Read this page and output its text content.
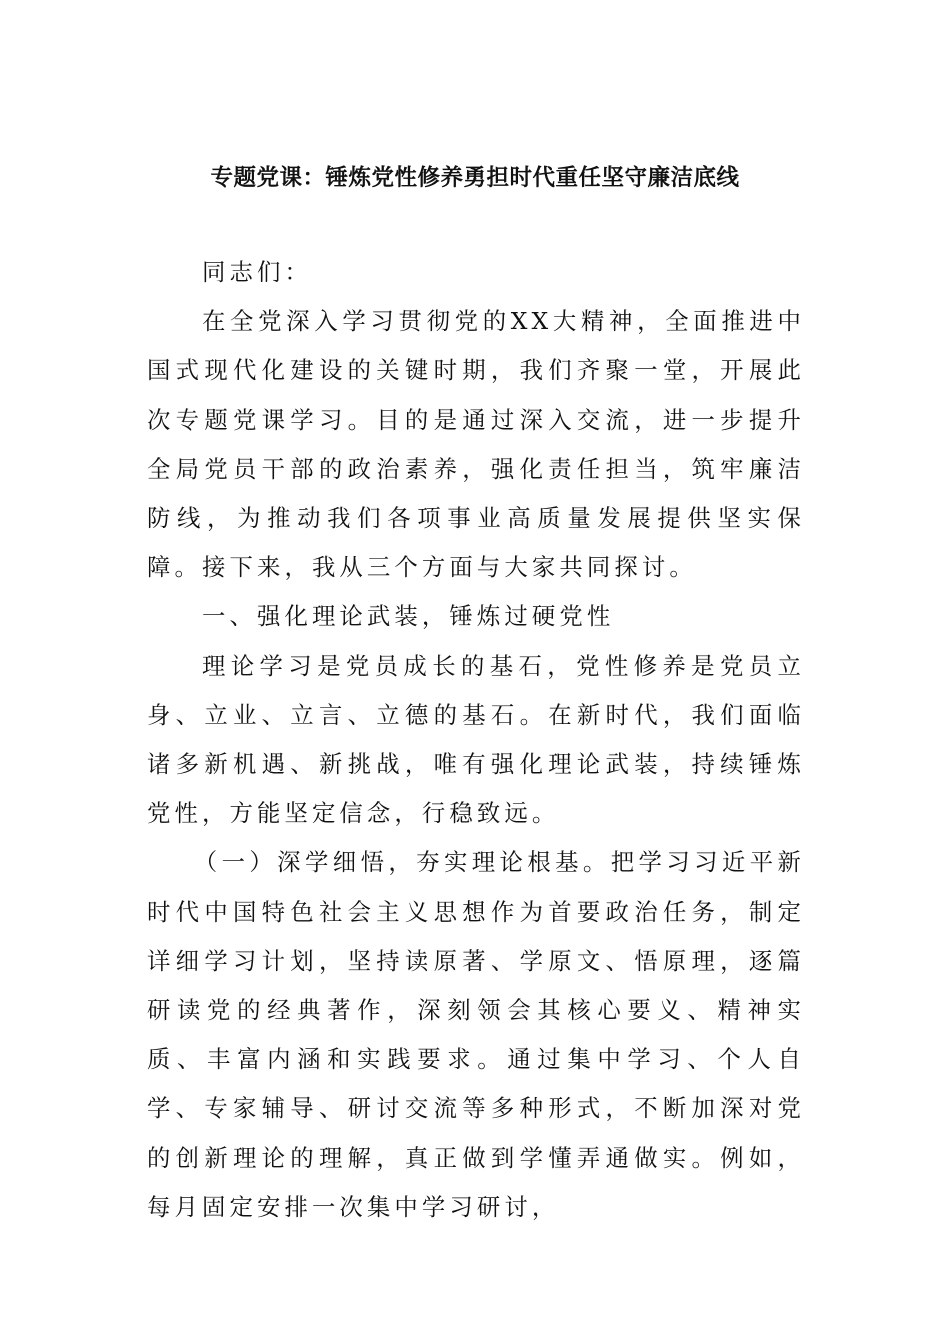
专题党课：锤炼党性修养勇担时代重任坚守廉洁底线

同志们：

在全党深入学习贯彻党的XX大精神，全面推进中国式现代化建设的关键时期，我们齐聚一堂，开展此次专题党课学习。目的是通过深入交流，进一步提升全局党员干部的政治素养，强化责任担当，筑牢廉洁防线，为推动我们各项事业高质量发展提供坚实保障。接下来，我从三个方面与大家共同探讨。

一、强化理论武装，锤炼过硬党性

理论学习是党员成长的基石，党性修养是党员立身、立业、立言、立德的基石。在新时代，我们面临诸多新机遇、新挑战，唯有强化理论武装，持续锤炼党性，方能坚定信念，行稳致远。

（一）深学细悟，夯实理论根基。把学习习近平新时代中国特色社会主义思想作为首要政治任务，制定详细学习计划，坚持读原著、学原文、悟原理，逐篇研读党的经典著作，深刻领会其核心要义、精神实质、丰富内涵和实践要求。通过集中学习、个人自学、专家辅导、研讨交流等多种形式，不断加深对党的创新理论的理解，真正做到学懂弄通做实。例如，每月固定安排一次集中学习研讨，
